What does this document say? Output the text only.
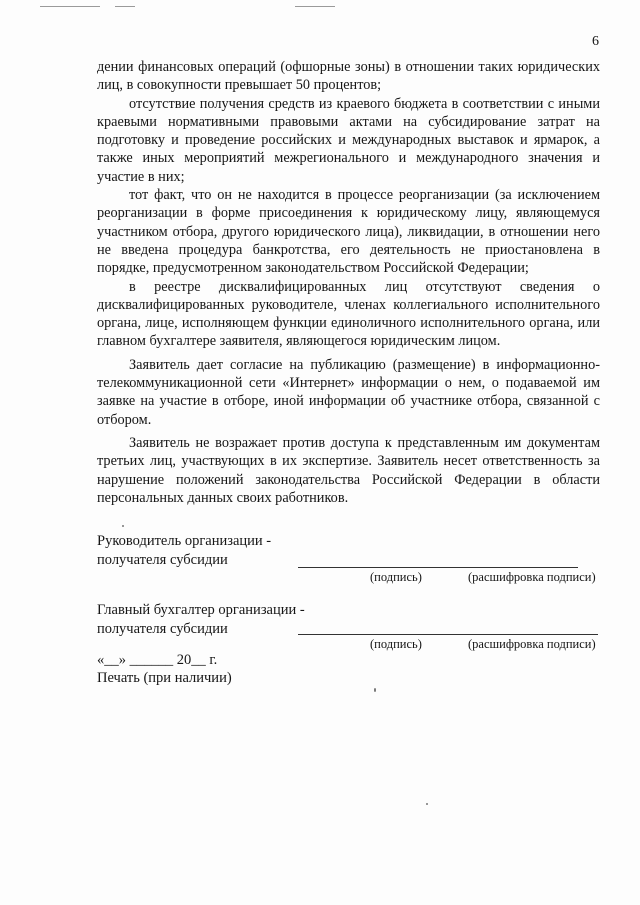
6

дении финансовых операций (офшорные зоны) в отношении таких юридических лиц, в совокупности превышает 50 процентов;

отсутствие получения средств из краевого бюджета в соответствии с иными краевыми нормативными правовыми актами на субсидирование затрат на подготовку и проведение российских и международных выставок и ярмарок, а также иных мероприятий межрегионального и международного значения и участие в них;

тот факт, что он не находится в процессе реорганизации (за исключением реорганизации в форме присоединения к юридическому лицу, являющемуся участником отбора, другого юридического лица), ликвидации, в отношении него не введена процедура банкротства, его деятельность не приостановлена в порядке, предусмотренном законодательством Российской Федерации;

в реестре дисквалифицированных лиц отсутствуют сведения о дисквалифицированных руководителе, членах коллегиального исполнительного органа, лице, исполняющем функции единоличного исполнительного органа, или главном бухгалтере заявителя, являющегося юридическим лицом.

Заявитель дает согласие на публикацию (размещение) в информационно-телекоммуникационной сети «Интернет» информации о нем, о подаваемой им заявке на участие в отборе, иной информации об участнике отбора, связанной с отбором.

Заявитель не возражает против доступа к представленным им документам третьих лиц, участвующих в их экспертизе. Заявитель несет ответственность за нарушение положений законодательства Российской Федерации в области персональных данных своих работников.

Руководитель организации -
получателя субсидии
(подпись)	(расшифровка подписи)
Главный бухгалтер организации -
получателя субсидии
(подпись)	(расшифровка подписи)
«__» ______ 20__ г.
Печать (при наличии)
